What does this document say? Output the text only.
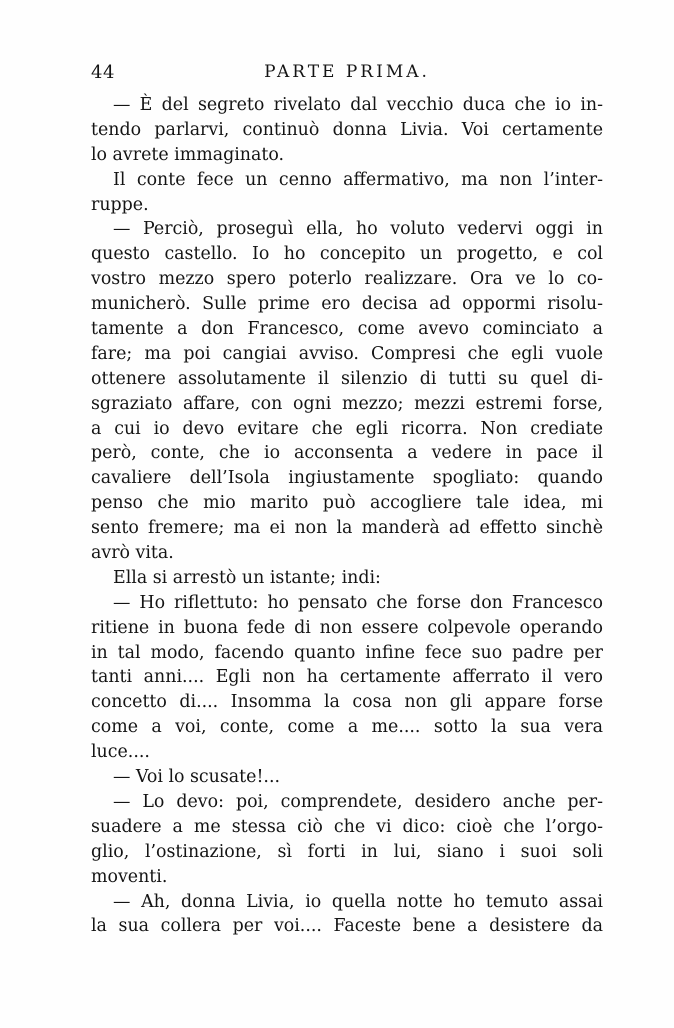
44	PARTE PRIMA.
— È del segreto rivelato dal vecchio duca che io in-
tendo parlarvi, continuò donna Livia. Voi certamente
lo avrete immaginato.
Il conte fece un cenno affermativo, ma non l’inter-
ruppe.
— Perciò, proseguì ella, ho voluto vedervi oggi in
questo castello. Io ho concepito un progetto, e col
vostro mezzo spero poterlo realizzare. Ora ve lo co-
municherò. Sulle prime ero decisa ad oppormi risolu-
tamente a don Francesco, come avevo cominciato a
fare; ma poi cangiai avviso. Compresi che egli vuole
ottenere assolutamente il silenzio di tutti su quel di-
sgraziato affare, con ogni mezzo; mezzi estremi forse,
a cui io devo evitare che egli ricorra. Non crediate
però, conte, che io acconsenta a vedere in pace il
cavaliere dell’Isola ingiustamente spogliato: quando
penso che mio marito può accogliere tale idea, mi
sento fremere; ma ei non la manderà ad effetto sinchè
avrò vita.
Ella si arrestò un istante; indi:
— Ho riflettuto: ho pensato che forse don Francesco
ritiene in buona fede di non essere colpevole operando
in tal modo, facendo quanto infine fece suo padre per
tanti anni.... Egli non ha certamente afferrato il vero
concetto di.... Insomma la cosa non gli appare forse
come a voi, conte, come a me.... sotto la sua vera
luce....
— Voi lo scusate!...
— Lo devo: poi, comprendete, desidero anche per-
suadere a me stessa ciò che vi dico: cioè che l’orgo-
glio, l’ostinazione, sì forti in lui, siano i suoi soli
moventi.
— Ah, donna Livia, io quella notte ho temuto assai
la sua collera per voi.... Faceste bene a desistere da
